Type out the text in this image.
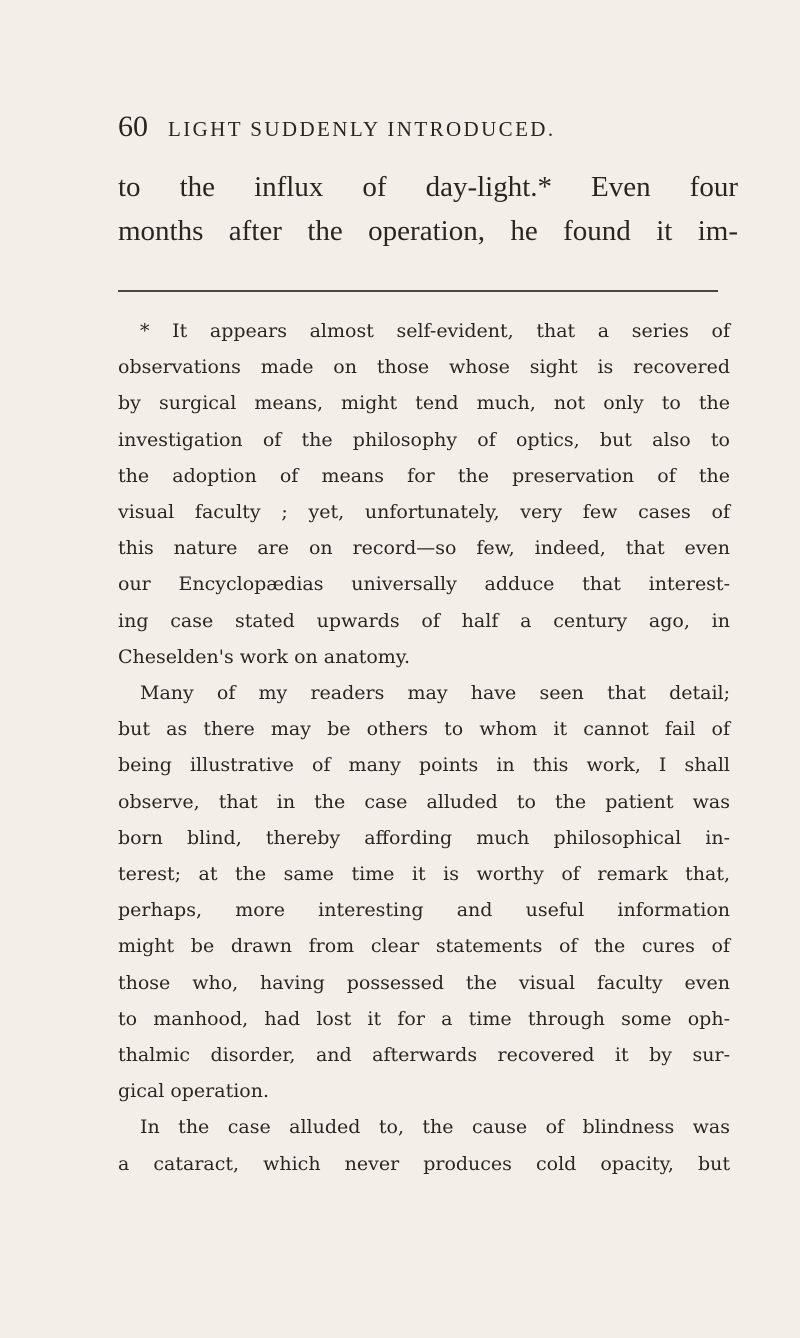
60 LIGHT SUDDENLY INTRODUCED.
to the influx of day-light.* Even four
months after the operation, he found it im-
* It appears almost self-evident, that a series of
observations made on those whose sight is recovered
by surgical means, might tend much, not only to the
investigation of the philosophy of optics, but also to
the adoption of means for the preservation of the
visual faculty ; yet, unfortunately, very few cases of
this nature are on record—so few, indeed, that even
our Encyclopædias universally adduce that interest-
ing case stated upwards of half a century ago, in
Cheselden's work on anatomy.
Many of my readers may have seen that detail;
but as there may be others to whom it cannot fail of
being illustrative of many points in this work, I shall
observe, that in the case alluded to the patient was
born blind, thereby affording much philosophical in-
terest; at the same time it is worthy of remark that,
perhaps, more interesting and useful information
might be drawn from clear statements of the cures of
those who, having possessed the visual faculty even
to manhood, had lost it for a time through some oph-
thalmic disorder, and afterwards recovered it by sur-
gical operation.
In the case alluded to, the cause of blindness was
a cataract, which never produces cold opacity, but
